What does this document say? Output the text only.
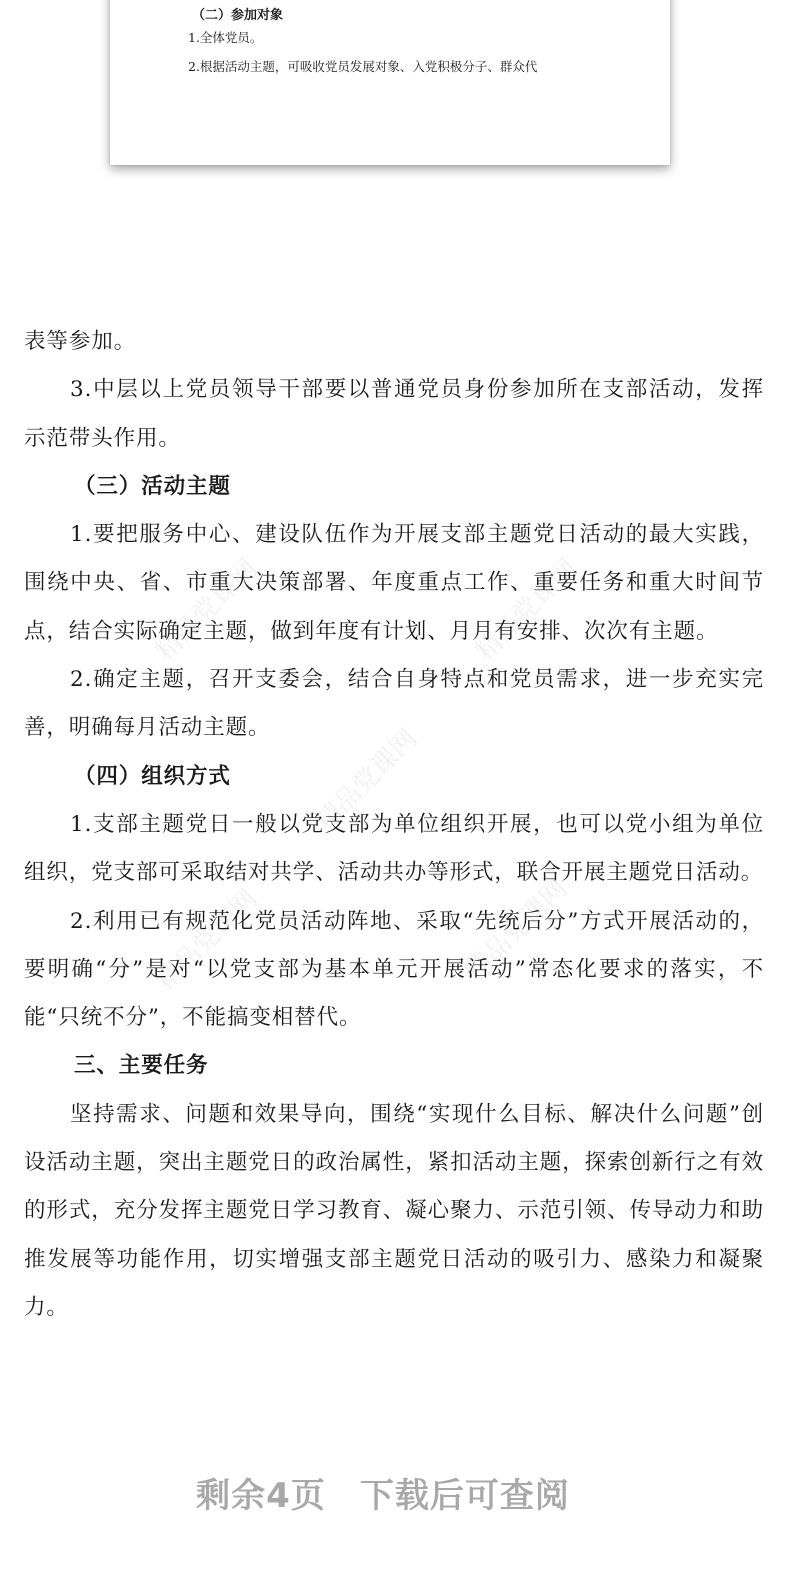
（二）参加对象
1.全体党员。
2.根据活动主题，可吸收党员发展对象、入党积极分子、群众代
精品党课网	精品党课网
精品党课网
精品党课网	精品党课网

表等参加。

3.中层以上党员领导干部要以普通党员身份参加所在支部活动，发挥示范带头作用。

（三）活动主题

1.要把服务中心、建设队伍作为开展支部主题党日活动的最大实践，围绕中央、省、市重大决策部署、年度重点工作、重要任务和重大时间节点，结合实际确定主题，做到年度有计划、月月有安排、次次有主题。

2.确定主题，召开支委会，结合自身特点和党员需求，进一步充实完善，明确每月活动主题。

（四）组织方式

1.支部主题党日一般以党支部为单位组织开展，也可以党小组为单位组织，党支部可采取结对共学、活动共办等形式，联合开展主题党日活动。

2.利用已有规范化党员活动阵地、采取“先统后分”方式开展活动的，要明确“分”是对“以党支部为基本单元开展活动”常态化要求的落实，不能“只统不分”，不能搞变相替代。

三、主要任务

坚持需求、问题和效果导向，围绕“实现什么目标、解决什么问题”创设活动主题，突出主题党日的政治属性，紧扣活动主题，探索创新行之有效的形式，充分发挥主题党日学习教育、凝心聚力、示范引领、传导动力和助推发展等功能作用，切实增强支部主题党日活动的吸引力、感染力和凝聚力。

剩余4页 下载后可查阅
